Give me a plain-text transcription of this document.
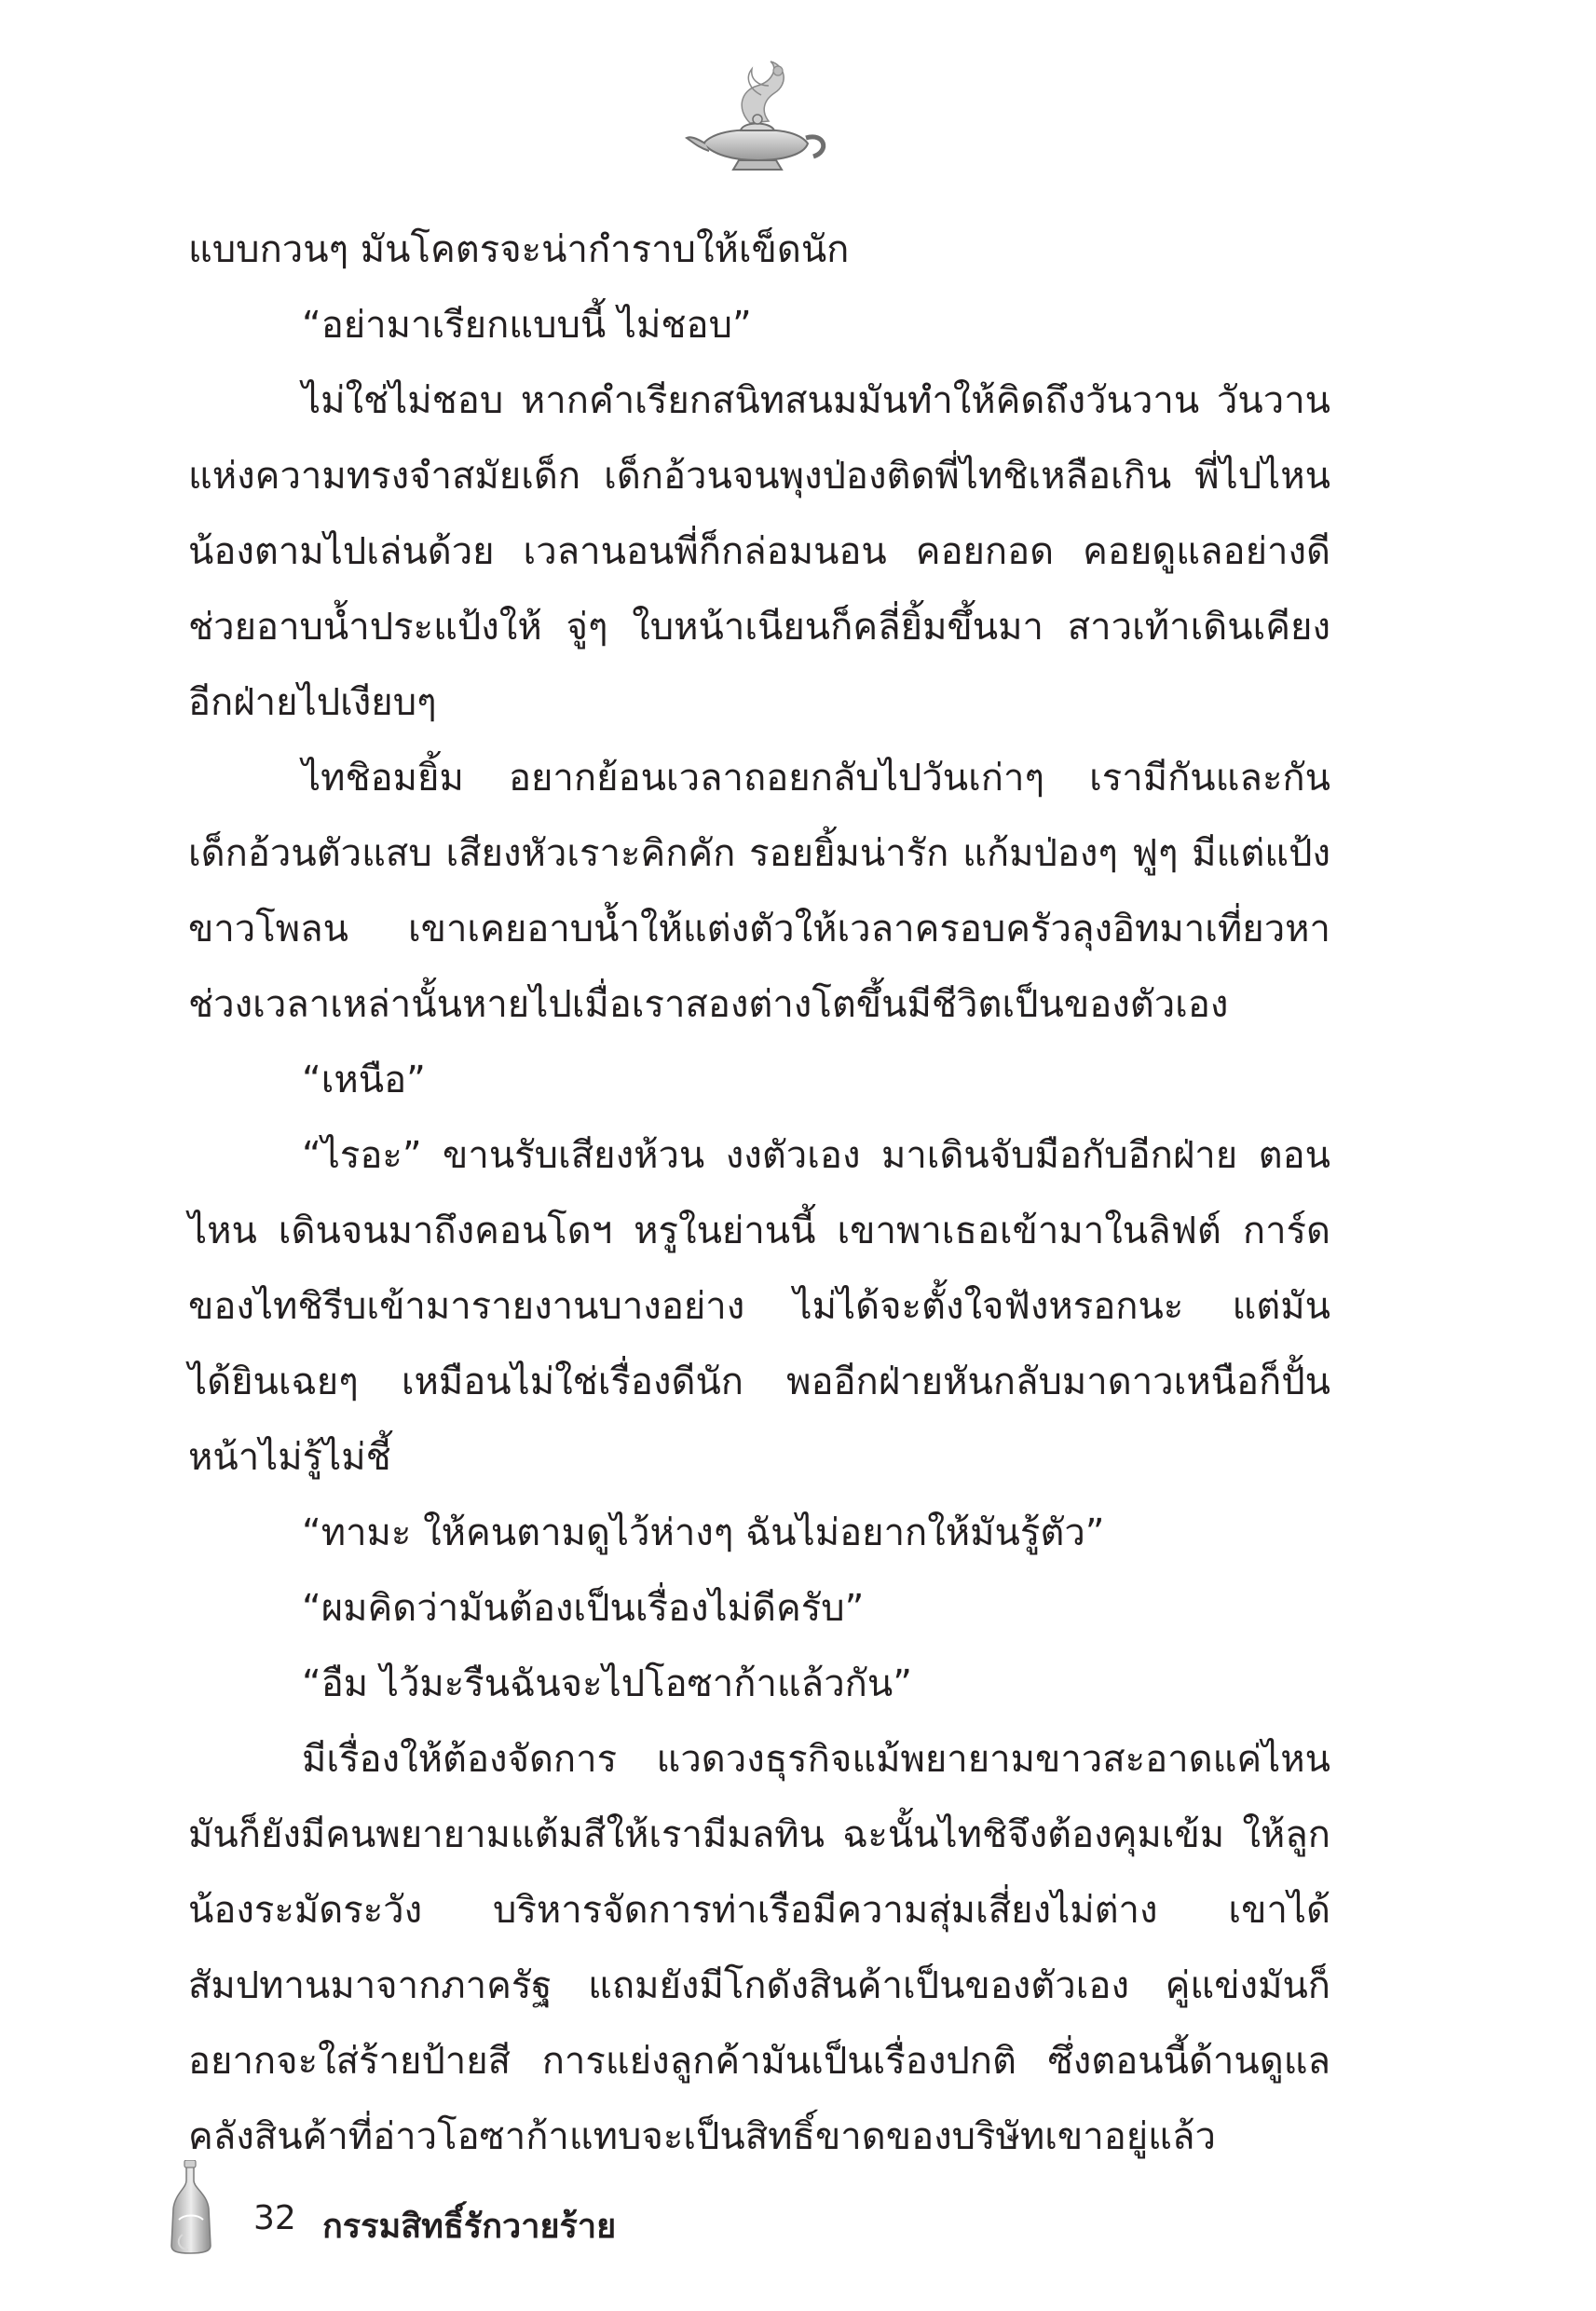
แบบกวนๆ มันโคตรจะน่ากำราบให้เข็ดนัก

“อย่ามาเรียกแบบนี้ ไม่ชอบ”

ไม่ใช่ไม่ชอบ หากคำเรียกสนิทสนมมันทำให้คิดถึงวันวาน วันวานแห่งความทรงจำสมัยเด็ก เด็กอ้วนจนพุงป่องติดพี่ไทชิเหลือเกิน พี่ไปไหนน้องตามไปเล่นด้วย เวลานอนพี่ก็กล่อมนอน คอยกอด คอยดูแลอย่างดี ช่วยอาบน้ำประแป้งให้ จู่ๆ ใบหน้าเนียนก็คลี่ยิ้มขึ้นมา สาวเท้าเดินเคียงอีกฝ่ายไปเงียบๆ

ไทชิอมยิ้ม อยากย้อนเวลาถอยกลับไปวันเก่าๆ เรามีกันและกัน เด็กอ้วนตัวแสบ เสียงหัวเราะคิกคัก รอยยิ้มน่ารัก แก้มป่องๆ ฟูๆ มีแต่แป้งขาวโพลน เขาเคยอาบน้ำให้แต่งตัวให้เวลาครอบครัวลุงอิทมาเที่ยวหา ช่วงเวลาเหล่านั้นหายไปเมื่อเราสองต่างโตขึ้นมีชีวิตเป็นของตัวเอง

“เหนือ”

“ไรอะ” ขานรับเสียงห้วน งงตัวเอง มาเดินจับมือกับอีกฝ่าย ตอนไหน เดินจนมาถึงคอนโดฯ หรูในย่านนี้ เขาพาเธอเข้ามาในลิฟต์ การ์ดของไทชิรีบเข้ามารายงานบางอย่าง ไม่ได้จะตั้งใจฟังหรอกนะ แต่มันได้ยินเฉยๆ เหมือนไม่ใช่เรื่องดีนัก พออีกฝ่ายหันกลับมาดาวเหนือก็ปั้นหน้าไม่รู้ไม่ชี้

“ทามะ ให้คนตามดูไว้ห่างๆ ฉันไม่อยากให้มันรู้ตัว”

“ผมคิดว่ามันต้องเป็นเรื่องไม่ดีครับ”

“อืม ไว้มะรืนฉันจะไปโอซาก้าแล้วกัน”

มีเรื่องให้ต้องจัดการ แวดวงธุรกิจแม้พยายามขาวสะอาดแค่ไหน มันก็ยังมีคนพยายามแต้มสีให้เรามีมลทิน ฉะนั้นไทชิจึงต้องคุมเข้ม ให้ลูกน้องระมัดระวัง บริหารจัดการท่าเรือมีความสุ่มเสี่ยงไม่ต่าง เขาได้สัมปทานมาจากภาครัฐ แถมยังมีโกดังสินค้าเป็นของตัวเอง คู่แข่งมันก็อยากจะใส่ร้ายป้ายสี การแย่งลูกค้ามันเป็นเรื่องปกติ ซึ่งตอนนี้ด้านดูแลคลังสินค้าที่อ่าวโอซาก้าแทบจะเป็นสิทธิ์ขาดของบริษัทเขาอยู่แล้ว

32 กรรมสิทธิ์รักวายร้าย
